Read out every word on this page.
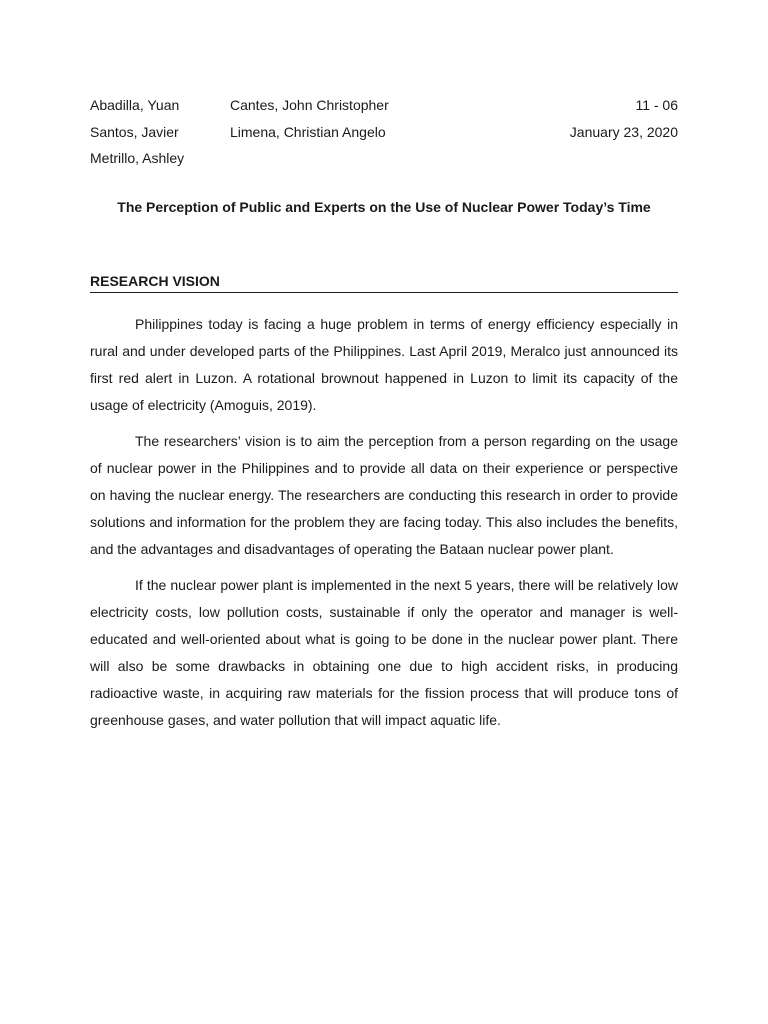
Abadilla, Yuan
Santos, Javier
Metrillo, Ashley
Cantes, John Christopher
Limena, Christian Angelo
11 - 06
January 23, 2020
The Perception of Public and Experts on the Use of Nuclear Power Today’s Time
RESEARCH VISION

Philippines today is facing a huge problem in terms of energy efficiency especially in rural and under developed parts of the Philippines. Last April 2019, Meralco just announced its first red alert in Luzon. A rotational brownout happened in Luzon to limit its capacity of the usage of electricity (Amoguis, 2019).

The researchers’ vision is to aim the perception from a person regarding on the usage of nuclear power in the Philippines and to provide all data on their experience or perspective on having the nuclear energy. The researchers are conducting this research in order to provide solutions and information for the problem they are facing today. This also includes the benefits, and the advantages and disadvantages of operating the Bataan nuclear power plant.

If the nuclear power plant is implemented in the next 5 years, there will be relatively low electricity costs, low pollution costs, sustainable if only the operator and manager is well-educated and well-oriented about what is going to be done in the nuclear power plant. There will also be some drawbacks in obtaining one due to high accident risks, in producing radioactive waste, in acquiring raw materials for the fission process that will produce tons of greenhouse gases, and water pollution that will impact aquatic life.
